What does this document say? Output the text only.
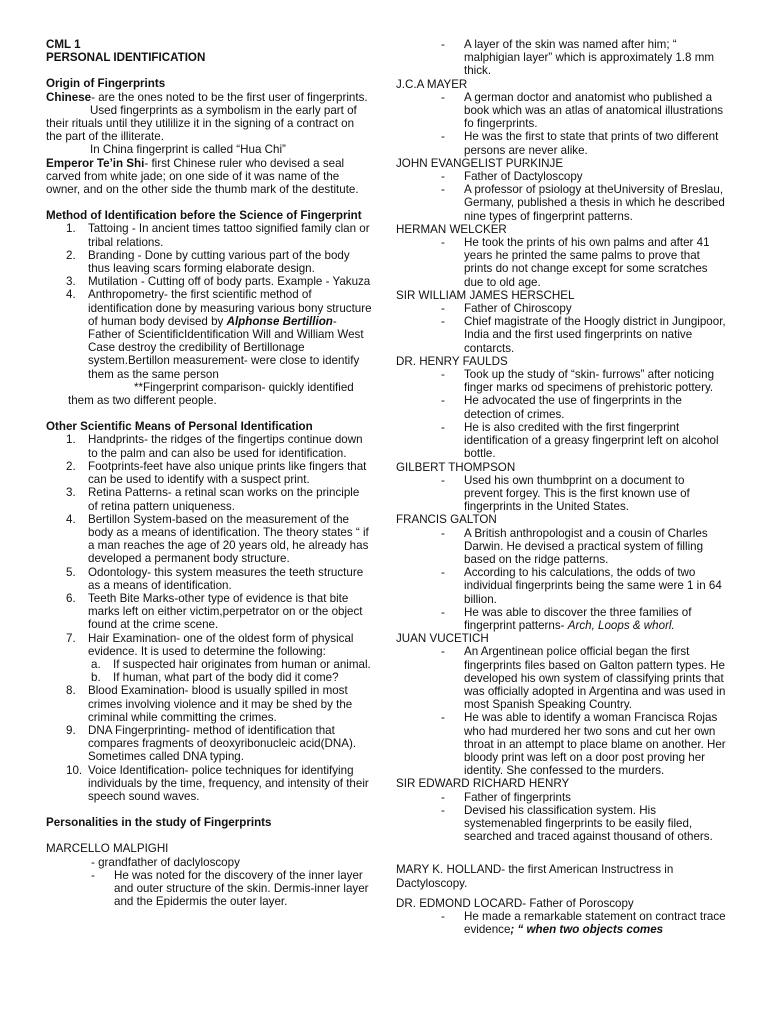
CML 1

PERSONAL IDENTIFICATION

Origin of Fingerprints

Chinese- are the ones noted to be the first user of fingerprints.

Used fingerprints as a symbolism in the early part of their rituals until they utililize it in the signing of a contract on the part of the illiterate.

In China fingerprint is called “Hua Chi”

Emperor Te’in Shi- first Chinese ruler who devised a seal carved from white jade; on one side of it was name of the owner, and on the other side the thumb mark of the destitute.

Method of Identification before the Science of Fingerprint

1. Tattoing - In ancient times tattoo signified family clan or tribal relations.
2. Branding - Done by cutting various part of the body thus leaving scars forming elaborate design.
3. Mutilation - Cutting off of body parts. Example - Yakuza
4. Anthropometry- the first scientific method of identification done by measuring various bony structure of human body devised by Alphonse Bertillion- Father of ScientificIdentification Will and William West Case destroy the credibility of Bertillonage system.Bertillon measurement- were close to identify them as the same person

**Fingerprint comparison- quickly identified

them as two different people.

Other Scientific Means of Personal Identification

1. Handprints- the ridges of the fingertips continue down to the palm and can also be used for identification.
2. Footprints-feet have also unique prints like fingers that can be used to identify with a suspect print.
3. Retina Patterns- a retinal scan works on the principle of retina pattern uniqueness.
4. Bertillon System-based on the measurement of the body as a means of identification. The theory states “ if a man reaches the age of 20 years old, he already has developed a permanent body structure.
5. Odontology- this system measures the teeth structure as a means of identification.
6. Teeth Bite Marks-other type of evidence is that bite marks left on either victim,perpetrator on or the object found at the crime scene.
7. Hair Examination- one of the oldest form of physical evidence. It is used to determine the following:
a. If suspected hair originates from human or animal.
b. If human, what part of the body did it come?
8. Blood Examination- blood is usually spilled in most crimes involving violence and it may be shed by the criminal while committing the crimes.
9. DNA Fingerprinting- method of identification that compares fragments of deoxyribonucleic acid(DNA). Sometimes called DNA typing.
10. Voice Identification- police techniques for identifying individuals by the time, frequency, and intensity of their speech sound waves.

Personalities in the study of Fingerprints

MARCELLO MALPIGHI

- grandfather of daclyloscopy

- He was noted for the discovery of the inner layer and outer structure of the skin. Dermis-inner layer and the Epidermis the outer layer.
- A layer of the skin was named after him; “ malphigian layer” which is approximately 1.8 mm thick.

J.C.A MAYER

- A german doctor and anatomist who published a book which was an atlas of anatomical illustrations fo fingerprints.
- He was the first to state that prints of two different persons are never alike.

JOHN EVANGELIST PURKINJE

- Father of Dactyloscopy
- A professor of psiology at theUniversity of Breslau, Germany, published a thesis in which he described nine types of fingerprint patterns.

HERMAN WELCKER

- He took the prints of his own palms and after 41 years he printed the same palms to prove that prints do not change except for some scratches due to old age.

SIR WILLIAM JAMES HERSCHEL

- Father of Chiroscopy
- Chief magistrate of the Hoogly district in Jungipoor, India and the first used fingerprints on native contarcts.

DR. HENRY FAULDS

- Took up the study of “skin- furrows” after noticing finger marks od specimens of prehistoric pottery.
- He advocated the use of fingerprints in the detection of crimes.
- He is also credited with the first fingerprint identification of a greasy fingerprint left on alcohol bottle.

GILBERT THOMPSON

- Used his own thumbprint on a document to prevent forgey. This is the first known use of fingerprints in the United States.

FRANCIS GALTON

- A British anthropologist and a cousin of Charles Darwin. He devised a practical system of filling based on the ridge patterns.
- According to his calculations, the odds of two individual fingerprints being the same were 1 in 64 billion.
- He was able to discover the three families of fingerprint patterns- Arch, Loops & whorl.

JUAN VUCETICH

- An Argentinean police official began the first fingerprints files based on Galton pattern types. He developed his own system of classifying prints that was officially adopted in Argentina and was used in most Spanish Speaking Country.
- He was able to identify a woman Francisca Rojas who had murdered her two sons and cut her own throat in an attempt to place blame on another. Her bloody print was left on a door post proving her identity. She confessed to the murders.

SIR EDWARD RICHARD HENRY

- Father of fingerprints
- Devised his classification system. His systemenabled fingerprints to be easily filed, searched and traced against thousand of others.

MARY K. HOLLAND- the first American Instructress in Dactyloscopy.

DR. EDMOND LOCARD- Father of Poroscopy

- He made a remarkable statement on contract trace evidence; “ when two objects comes
